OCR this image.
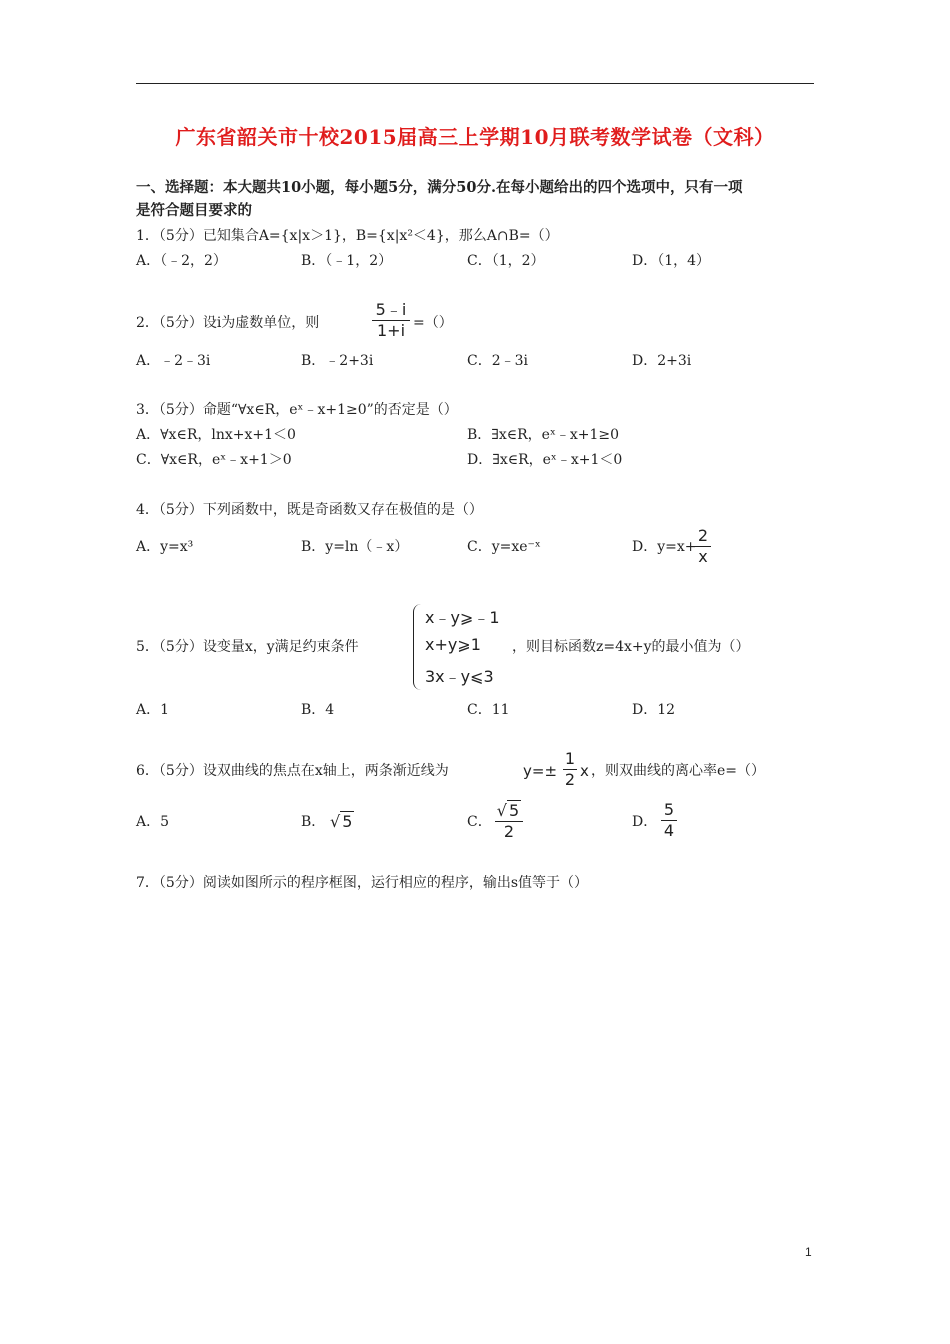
广东省韶关市十校2015届高三上学期10月联考数学试卷（文科）
一、选择题：本大题共10小题，每小题5分，满分50分.在每小题给出的四个选项中，只有一项
是符合题目要求的
1．（5分）已知集合A={x|x＞1}，B={x|x²＜4}，那么A∩B=（）
A．（﹣2，2）	B．（﹣1，2）	C．（1，2）	D．（1，4）
2．（5分）设i为虚数单位，则
5﹣i
1+i =（）
A．﹣2﹣3i	B．﹣2+3i	C．2﹣3i	D．2+3i
3．（5分）命题“∀x∈R，eˣ﹣x+1≥0”的否定是（）
A．∀x∈R，lnx+x+1＜0	B．∃x∈R，eˣ﹣x+1≥0
C．∀x∈R，eˣ﹣x+1＞0	D．∃x∈R，eˣ﹣x+1＜0
4．（5分）下列函数中，既是奇函数又存在极值的是（）
A．y=x³	B．y=ln（﹣x）	C．y=xe⁻ˣ	D．y=x+
2
x
5．（5分）设变量x，y满足约束条件
x﹣y⩾﹣1
x+y⩾1
3x﹣y⩽3
，则目标函数z=4x+y的最小值为（）
A．1	B．4	C．11	D．12
6．（5分）设双曲线的焦点在x轴上，两条渐近线为	y=±
1
2 x ，则双曲线的离心率e=（）
A．5	B． √ 5	C．
√ 5
2	D．
5
4
7．（5分）阅读如图所示的程序框图，运行相应的程序，输出s值等于（）
1
